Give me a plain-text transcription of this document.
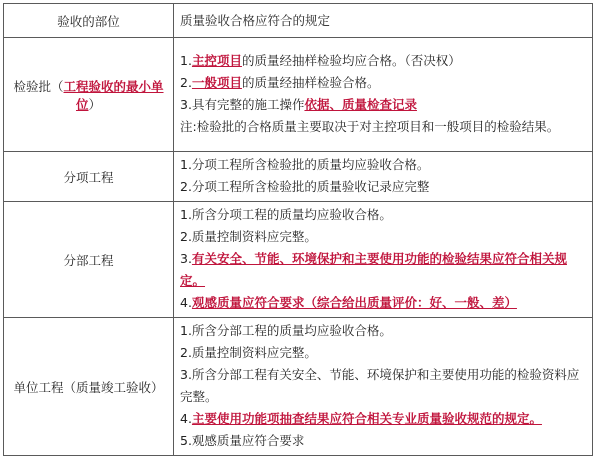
验收的部位	质量验收合格应符合的规定
检验批（工程验收的最小单位）	1.主控项目的质量经抽样检验均应合格。（否决权）
2.一般项目的质量经抽样检验合格。
3.具有完整的施工操作依据、质量检查记录
注:检验批的合格质量主要取决于对主控项目和一般项目的检验结果。

分项工程	1.分项工程所含检验批的质量均应验收合格。
2.分项工程所含检验批的质量验收记录应完整

分部工程	1.所含分项工程的质量均应验收合格。
2.质量控制资料应完整。
3.有关安全、节能、环境保护和主要使用功能的检验结果应符合相关规定。
4.观感质量应符合要求（综合给出质量评价：好、一般、差）

单位工程（质量竣工验收）	1.所含分部工程的质量均应验收合格。
2.质量控制资料应完整。
3.所含分部工程有关安全、节能、环境保护和主要使用功能的检验资料应完整。
4.主要使用功能项抽查结果应符合相关专业质量验收规范的规定。
5.观感质量应符合要求
